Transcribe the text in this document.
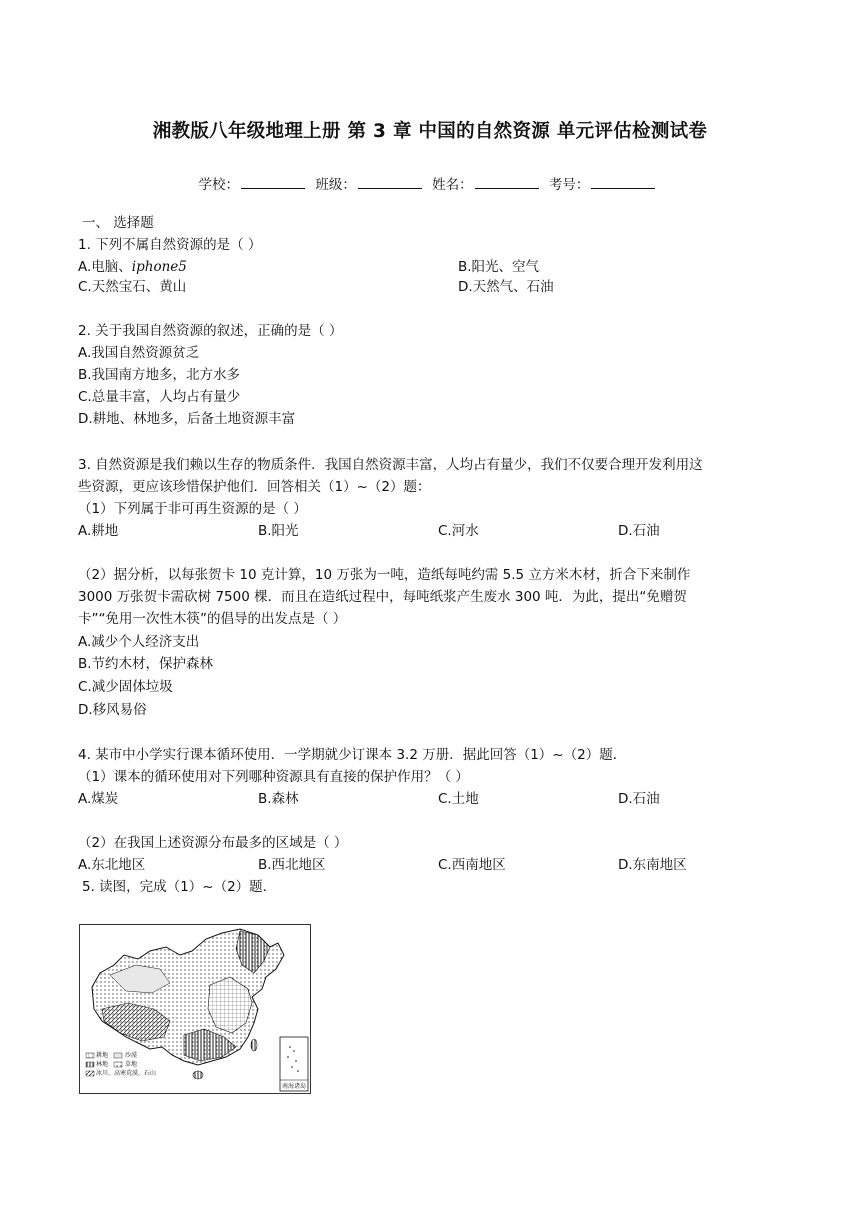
湘教版八年级地理上册 第 3 章 中国的自然资源 单元评估检测试卷
学校：	班级：	姓名：	考号：
一、 选择题
1. 下列不属自然资源的是（ ）
A.电脑、iphone5	B.阳光、空气
C.天然宝石、黄山	D.天然气、石油
2. 关于我国自然资源的叙述，正确的是（ ）
A.我国自然资源贫乏
B.我国南方地多，北方水多
C.总量丰富，人均占有量少
D.耕地、林地多，后备土地资源丰富
3. 自然资源是我们赖以生存的物质条件．我国自然资源丰富，人均占有量少，我们不仅要合理开发利用这
些资源，更应该珍惜保护他们．回答相关（1）~（2）题：
（1）下列属于非可再生资源的是（ ）
A.耕地	B.阳光	C.河水	D.石油
（2）据分析，以每张贺卡 10 克计算，10 万张为一吨，造纸每吨约需 5.5 立方米木材，折合下来制作
3000 万张贺卡需砍树 7500 棵．而且在造纸过程中，每吨纸浆产生废水 300 吨．为此，提出“免赠贺
卡”“免用一次性木筷”的倡导的出发点是（ ）
A.减少个人经济支出
B.节约木材，保护森林
C.减少固体垃圾
D.移风易俗
4. 某市中小学实行课本循环使用．一学期就少订课本 3.2 万册．据此回答（1）~（2）题．
（1）课本的循环使用对下列哪种资源具有直接的保护作用？（ ）
A.煤炭	B.森林	C.土地	D.石油
（2）在我国上述资源分布最多的区域是（ ）
A.东北地区	B.西北地区	C.西南地区	D.东南地区
5. 读图，完成（1）~（2）题．
耕地	沙漠
林地	草地
冰川、高寒荒漠、石山
南海诸岛
